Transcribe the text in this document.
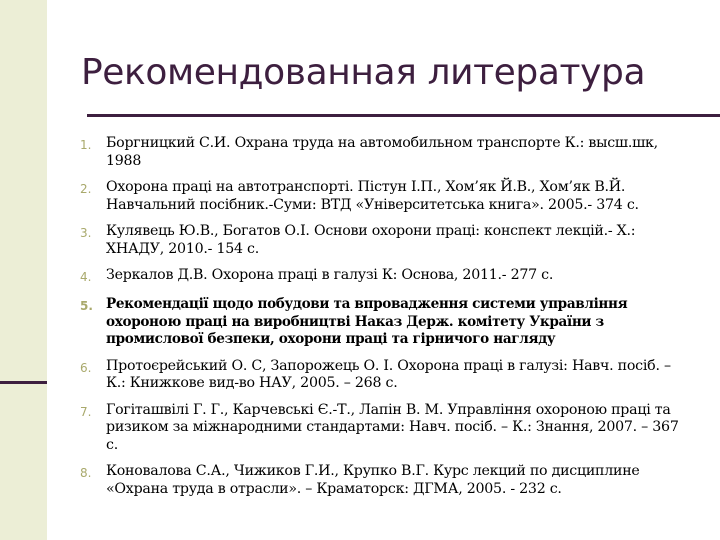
Рекомендованная литература
1.	Боргницкий С.И. Охрана труда на автомобильном транспорте К.: высш.шк, 1988
2.	Охорона праці на автотранспорті. Пістун І.П., Хом’як Й.В., Хом’як В.Й. Навчальний посібник.-Суми: ВТД «Університетська книга». 2005.- 374 с.
3.	Кулявець Ю.В., Богатов О.І. Основи охорони праці: конспект лекцій.- Х.: ХНАДУ, 2010.- 154 с.
4.	Зеркалов Д.В. Охорона праці в галузі К: Основа, 2011.- 277 с.
5. Рекомендації щодо побудови та впровадження системи управління охороною праці на виробництві Наказ Держ. комітету України з промислової безпеки, охорони праці та гірничого нагляду
6.	Протоєрейський О. С, Запорожець О. І. Охорона праці в галузі: Навч. посіб. – К.: Книжкове вид-во НАУ, 2005. – 268 с.
7.	Гогіташвілі Г. Г., Карчевські Є.-Т., Лапін В. М. Управління охороною праці та ризиком за міжнародними стандартами: Навч. посіб. – К.: Знання, 2007. – 367 с.
8.	Коновалова С.А., Чижиков Г.И., Крупко В.Г. Курс лекций по дисциплине «Охрана труда в отрасли». – Краматорск: ДГМА, 2005. - 232 с.
